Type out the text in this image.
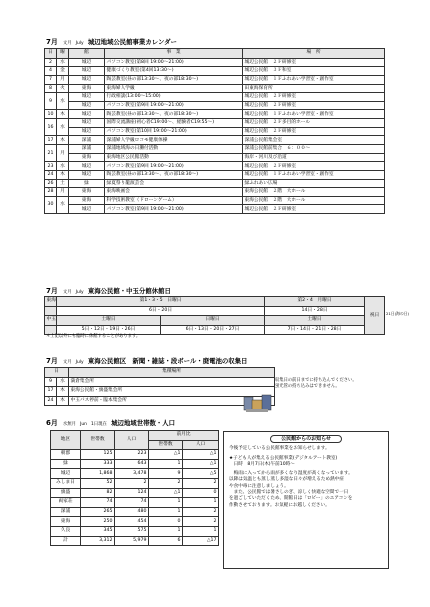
7月 文月 July 城辺地域公民館事業カレンダー
日	曜	館	事　業	場　所
2	水	城辺	パソコン教室(第8回 19:00～21:00)	城辺公民館　２Ｆ研修室
4	金	城辺	健康づくり教室(第4回13:30～)	城辺公民館　３Ｆ和室
7	月	城辺	陶芸教室(昼の部13:30～、夜の部18:30～)	城辺公民館　１Ｆふれあい学習室・創作室
8	火	東海	東海婦人学級	田東海保育所
9	水	城辺	行政相談(13:00～15:00)	城辺公民館　２Ｆ研修室
		城辺	パソコン教室(第9回 19:00～21:00)	城辺公民館　２Ｆ研修室
10	木	城辺	陶芸教室(昼の部13:30～、夜の部18:30～)	城辺公民館　１Ｆふれあい学習室・創作室
16	水	城辺	国際交流講座(初心者C19:00～、経験者C19:55～)	城辺公民館　２Ｆ多目的ホール
		城辺	パソコン教室(第10回 19:00～21:00)	城辺公民館　２Ｆ研修室
17	木	深浦	深浦婦人学級ロコモ健康体操	深浦公民館集会室
21	月	深浦	深浦地域海の日灘付活動	深浦公民館前集合　６：００～
		東海	東海地区公民館活動	海岸・河川及び沿道
23	水	城辺	パソコン教室(第9回 19:00～21:00)	城辺公民館　２Ｆ研修室
24	木	城辺	陶芸教室(昼の部13:30～、夜の部18:30～)	城辺公民館　１Ｆふれあい学習室・創作室
26	土	緑	緑夏祭り籠演芸会	緑ふれあい広場
28	月	東海	東海映画会	東海公民館　２階　大ホール
30	水	東海	科学技術教室（ドローンゲーム）	東海公民館　２階　大ホール
		城辺	パソコン教室(第9回 19:00～21:00)	城辺公民館　２Ｆ研修室
7月 文月 July 東海公民館・中玉分館休館日
東海	第1・3・5　日曜日		第2・4　月曜日	祝日
	6日・20日		14日・28日	
中玉	土曜日	日曜日	土曜日	
	5日・12日・19日・26日	6日・13日・20日・27日	7日・14日・21日・28日	
21日(海の日)
＊上記以外にも臨時に休館することがあります。
7月 文月 July 東海公民館区　新聞・雑誌・段ボール・廃電池の収集日
日		集積場所
9	水	満倉集会所
17	木	東海公民館・旗盛集会所
24	木	中玉バス停前・臨本集会所
収集日の前日までに持ち込んでください。
蛍光管の持ち込みはできません。
6月 水無月 Jun 1日現在 城辺地域世帯数・人口
地区	世帯数	人口	前月比	
			世帯数	人口
朝郡	125	223	△1	△1
緑	333	643	1	△1
城辺	1,868	3,478	9	△5
みしま日	52	2	2	2
旗盛	82	124	△1	0
両家荘	74	74	1	1
深浦	265	480	1	2
東海	250	454	0	2
久良	345	575	1	1
計	3,312	5,979	6	△17
公民館からのお知らせ

今後予定している公民館事業をお知らせします。

★子ども人が集える公民館事業(デジタルアート教室)

　日時　8月7日(木)午前10時～

　梅雨に入ってから雨が多くなり湿度が高くなっています。

以降は気温とも蒸し蒸し多湿な日々が増えるため熱中症

や食中毒に注意しましょう。

　また、公民館では暑さしのぎ、涼しく快適な空間で一日

を過ごしていただくため、開館日は「ロビー」のエアコンを

作動させております。お気軽にお越しください。
